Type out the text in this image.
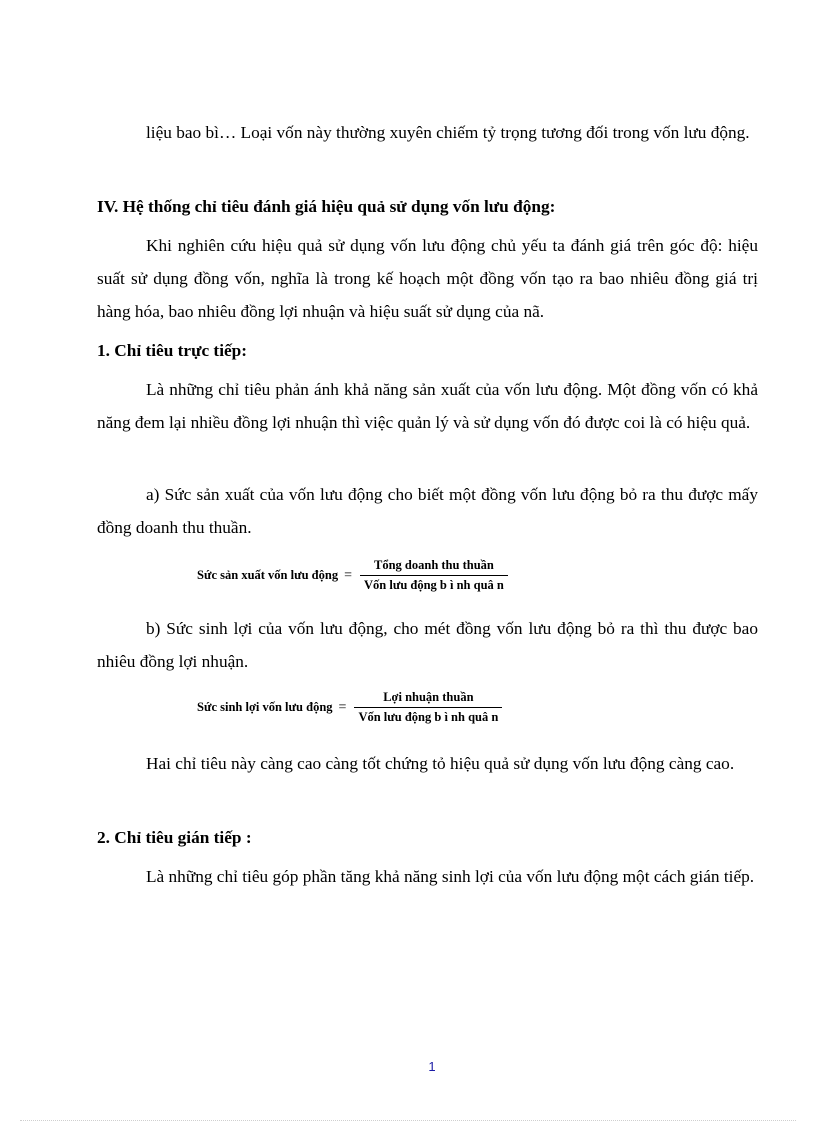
liệu bao bì… Loại vốn này thường xuyên chiếm tỷ trọng tương đối trong vốn lưu động.

IV. Hệ thống chỉ tiêu đánh giá hiệu quả sử dụng vốn lưu động:

Khi nghiên cứu hiệu quả sử dụng vốn lưu động chủ yếu ta đánh giá trên góc độ: hiệu suất sử dụng đồng vốn, nghĩa là trong kế hoạch một đồng vốn tạo ra bao nhiêu đồng giá trị hàng hóa, bao nhiêu đồng lợi nhuận và hiệu suất sử dụng của nã.

1. Chỉ tiêu trực tiếp:

Là những chỉ tiêu phản ánh khả năng sản xuất của vốn lưu động. Một đồng vốn có khả năng đem lại nhiều đồng lợi nhuận thì việc quản lý và sử dụng vốn đó được coi là có hiệu quả.

a) Sức sản xuất của vốn lưu động cho biết một đồng vốn lưu động bỏ ra thu được mấy đồng doanh thu thuần.

Sức sản xuất vốn lưu động = $\frac{\text{Tổng doanh thu thuần}}{\text{Vốn lưu động b ì nh quâ n}}$

b) Sức sinh lợi của vốn lưu động, cho mét đồng vốn lưu động bỏ ra thì thu được bao nhiêu đồng lợi nhuận.

Sức sinh lợi vốn lưu động = $\frac{\text{Lợi nhuận thuần}}{\text{Vốn lưu động b ì nh quâ n}}$

Hai chỉ tiêu này càng cao càng tốt chứng tỏ hiệu quả sử dụng vốn lưu động càng cao.

2. Chỉ tiêu gián tiếp :

Là những chỉ tiêu góp phần tăng khả năng sinh lợi của vốn lưu động một cách gián tiếp.

1
